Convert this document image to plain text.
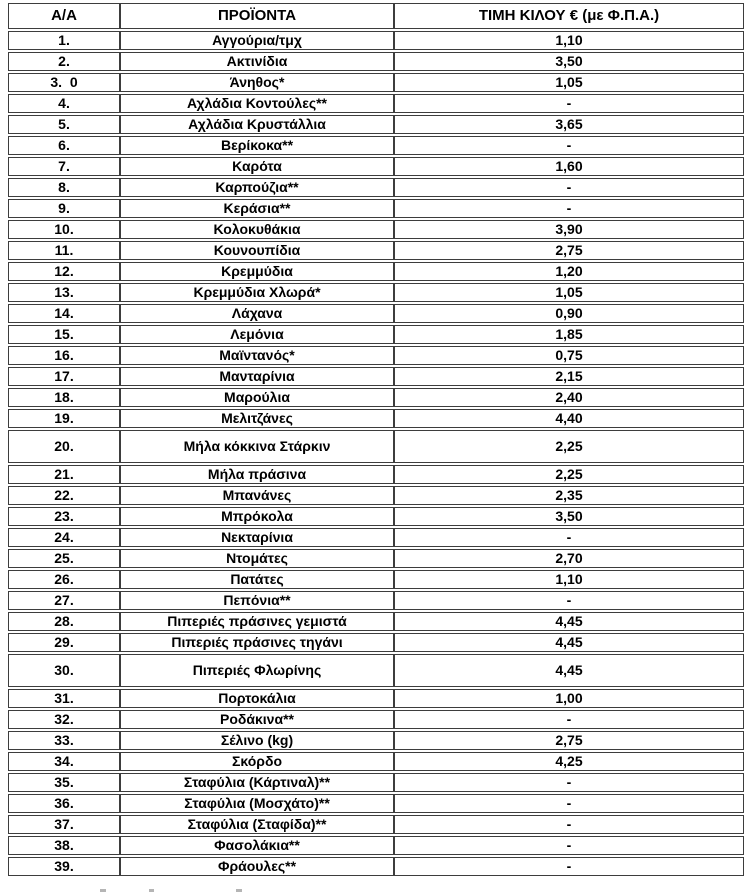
Α/Α	ΠΡΟΪΟΝΤΑ	ΤΙΜΗ ΚΙΛΟΥ € (με Φ.Π.Α.)
1.	Αγγούρια/τμχ	1,10
2.	Ακτινίδια	3,50
3.  0	Άνηθος*	1,05
4.	Αχλάδια Κοντούλες**	-
5.	Αχλάδια Κρυστάλλια	3,65
6.	Βερίκοκα**	-
7.	Καρότα	1,60
8.	Καρπούζια**	-
9.	Κεράσια**	-
10.	Κολοκυθάκια	3,90
11.	Κουνουπίδια	2,75
12.	Κρεμμύδια	1,20
13.	Κρεμμύδια Χλωρά*	1,05
14.	Λάχανα	0,90
15.	Λεμόνια	1,85
16.	Μαϊντανός*	0,75
17.	Μανταρίνια	2,15
18.	Μαρούλια	2,40
19.	Μελιτζάνες	4,40
20.	Μήλα κόκκινα Στάρκιν	2,25
21.	Μήλα πράσινα	2,25
22.	Μπανάνες	2,35
23.	Μπρόκολα	3,50
24.	Νεκταρίνια	-
25.	Ντομάτες	2,70
26.	Πατάτες	1,10
27.	Πεπόνια**	-
28.	Πιπεριές πράσινες γεμιστά	4,45
29.	Πιπεριές πράσινες τηγάνι	4,45
30.	Πιπεριές Φλωρίνης	4,45
31.	Πορτοκάλια	1,00
32.	Ροδάκινα**	-
33.	Σέλινο (kg)	2,75
34.	Σκόρδο	4,25
35.	Σταφύλια (Κάρτιναλ)**	-
36.	Σταφύλια (Μοσχάτο)**	-
37.	Σταφύλια (Σταφίδα)**	-
38.	Φασολάκια**	-
39.	Φράουλες**	-
